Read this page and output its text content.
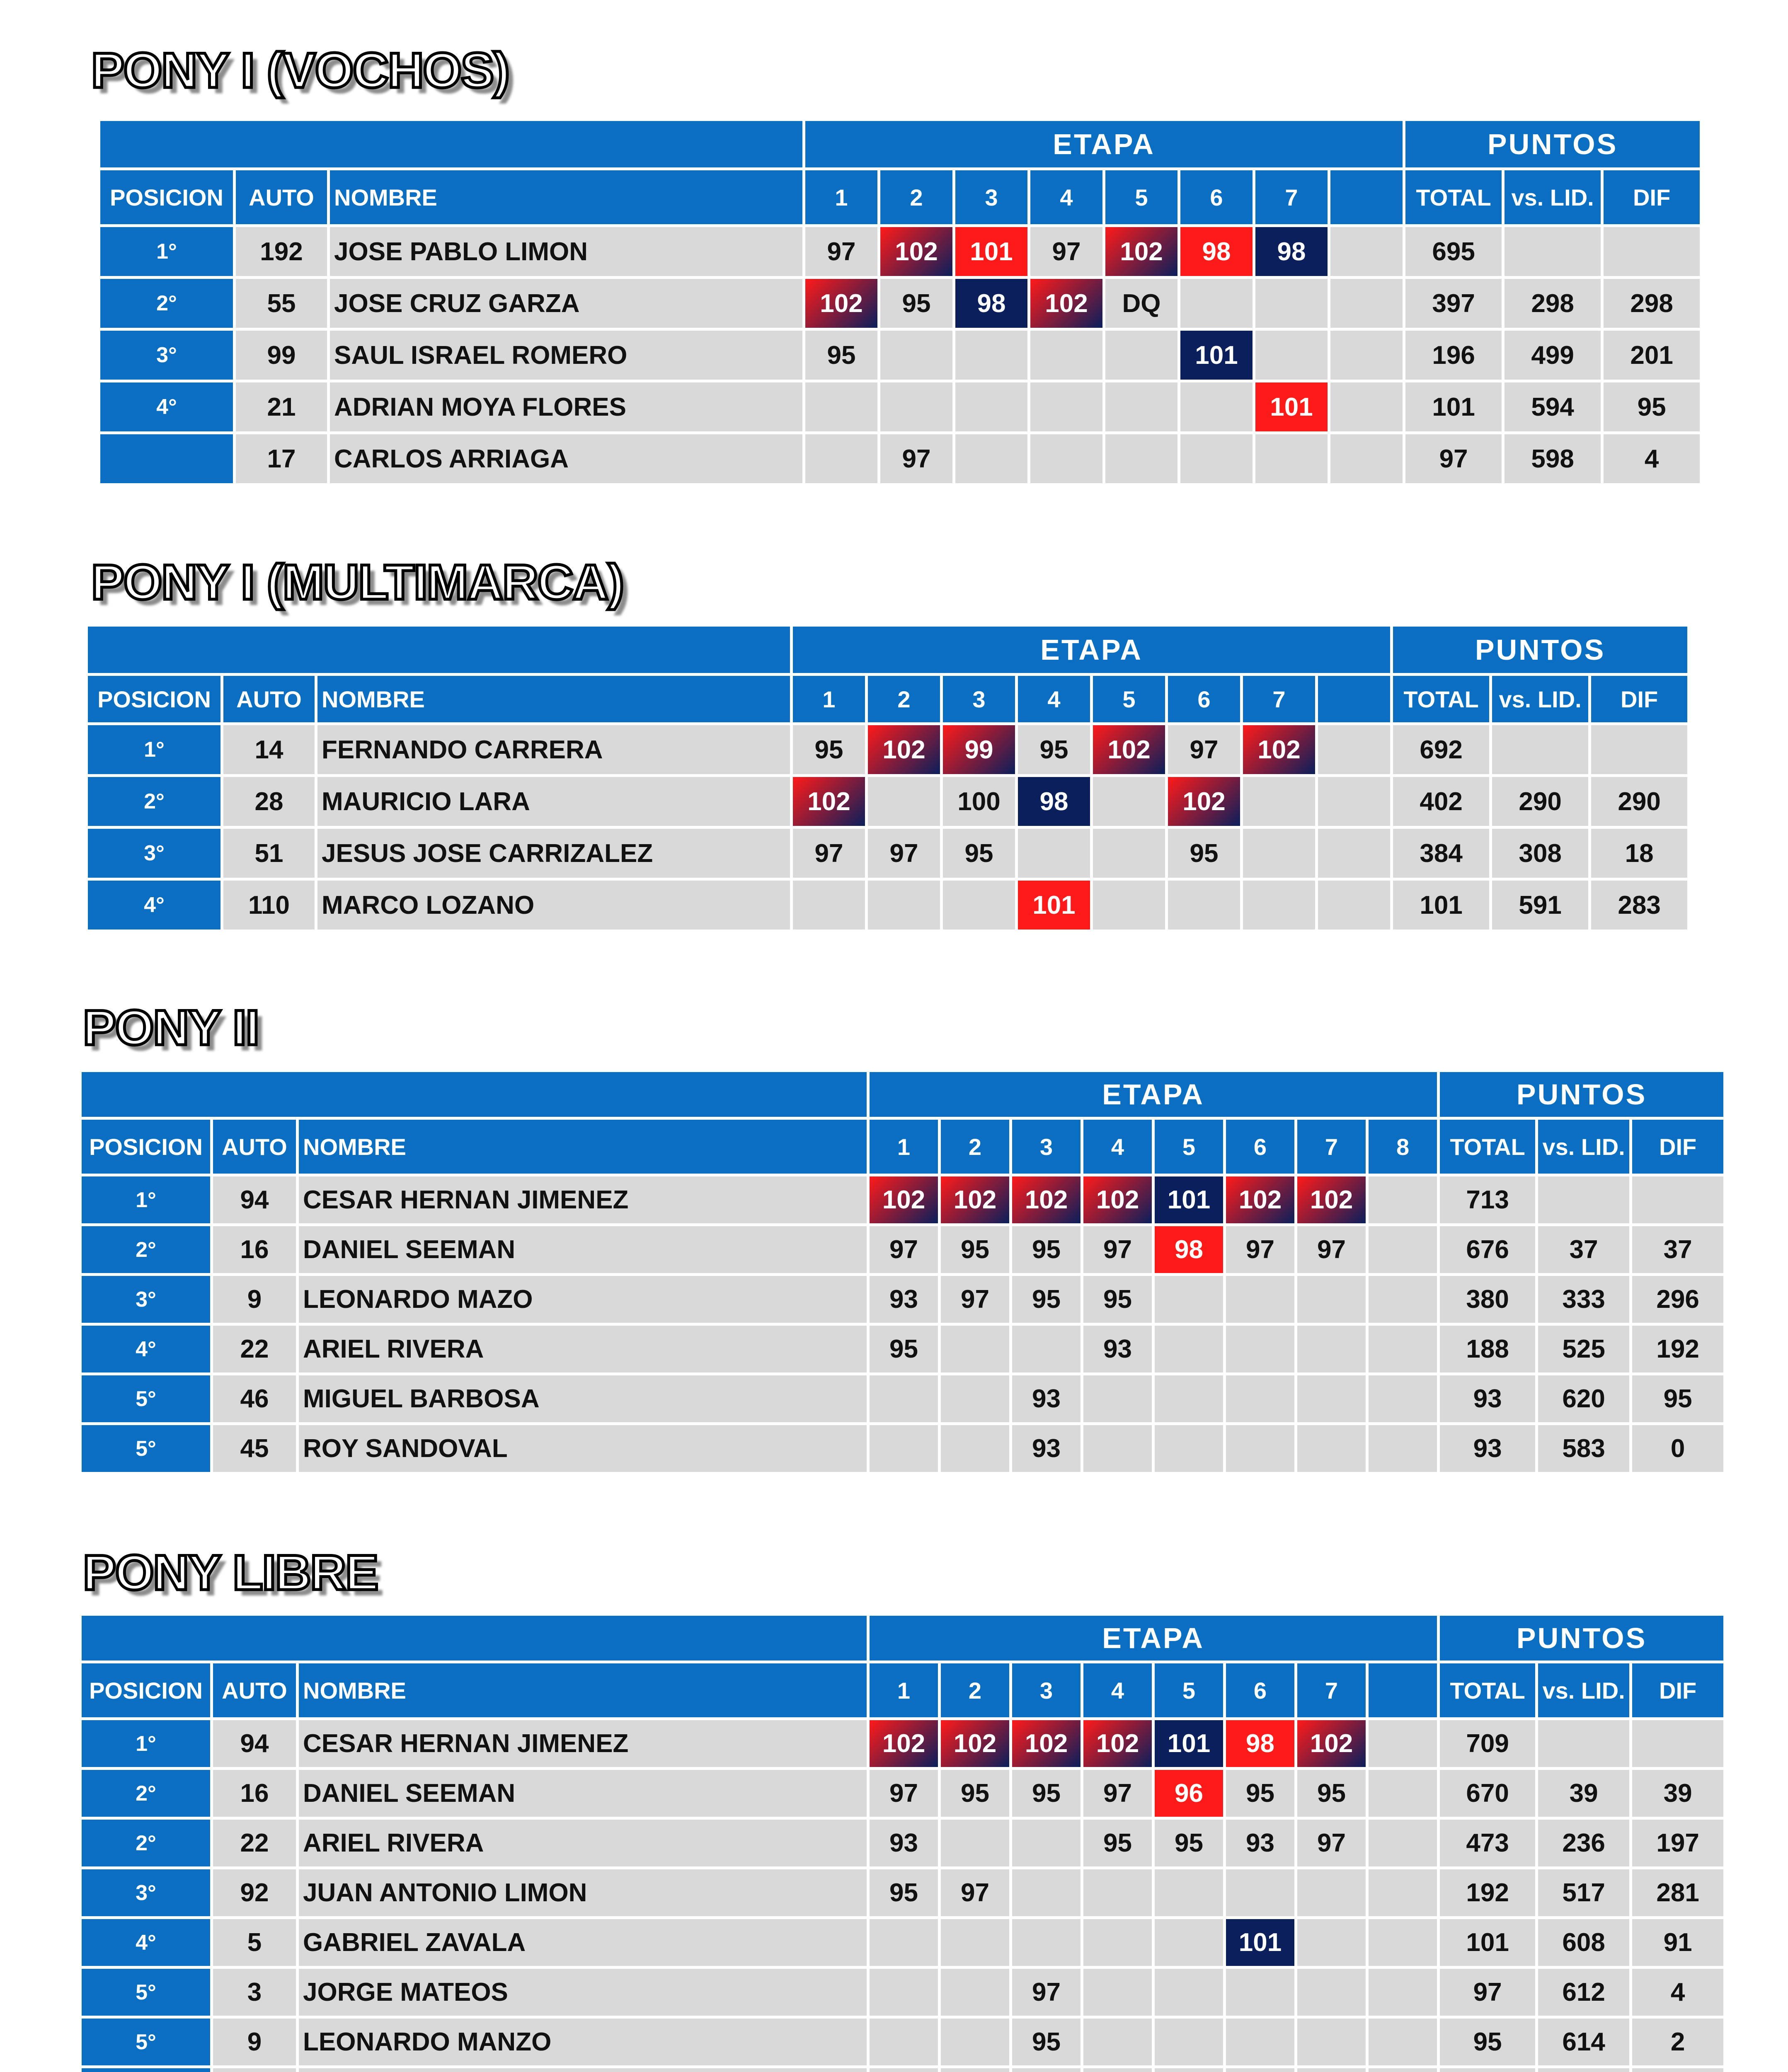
PONY I (VOCHOS)
			ETAPA								PUNTOS		
POSICION	AUTO	NOMBRE	1	2	3	4	5	6	7		TOTAL	vs. LID.	DIF
1°	192	JOSE PABLO LIMON	97	102	101	97	102	98	98		695		
2°	55	JOSE CRUZ GARZA	102	95	98	102	DQ				397	298	298
3°	99	SAUL ISRAEL ROMERO	95					101			196	499	201
4°	21	ADRIAN MOYA FLORES							101		101	594	95
	17	CARLOS ARRIAGA		97							97	598	4
PONY I (MULTIMARCA)
			ETAPA								PUNTOS		
POSICION	AUTO	NOMBRE	1	2	3	4	5	6	7		TOTAL	vs. LID.	DIF
1°	14	FERNANDO CARRERA	95	102	99	95	102	97	102		692		
2°	28	MAURICIO LARA	102		100	98		102			402	290	290
3°	51	JESUS JOSE CARRIZALEZ	97	97	95			95			384	308	18
4°	110	MARCO LOZANO				101					101	591	283
PONY II
			ETAPA								PUNTOS		
POSICION	AUTO	NOMBRE	1	2	3	4	5	6	7	8	TOTAL	vs. LID.	DIF
1°	94	CESAR HERNAN JIMENEZ	102	102	102	102	101	102	102		713		
2°	16	DANIEL SEEMAN	97	95	95	97	98	97	97		676	37	37
3°	9	LEONARDO MAZO	93	97	95	95					380	333	296
4°	22	ARIEL RIVERA	95			93					188	525	192
5°	46	MIGUEL BARBOSA			93						93	620	95
5°	45	ROY SANDOVAL			93						93	583	0
PONY LIBRE
			ETAPA								PUNTOS		
POSICION	AUTO	NOMBRE	1	2	3	4	5	6	7		TOTAL	vs. LID.	DIF
1°	94	CESAR HERNAN JIMENEZ	102	102	102	102	101	98	102		709		
2°	16	DANIEL SEEMAN	97	95	95	97	96	95	95		670	39	39
2°	22	ARIEL RIVERA	93			95	95	93	97		473	236	197
3°	92	JUAN ANTONIO LIMON	95	97							192	517	281
4°	5	GABRIEL ZAVALA						101			101	608	91
5°	3	JORGE MATEOS			97						97	612	4
5°	9	LEONARDO MANZO			95						95	614	2
